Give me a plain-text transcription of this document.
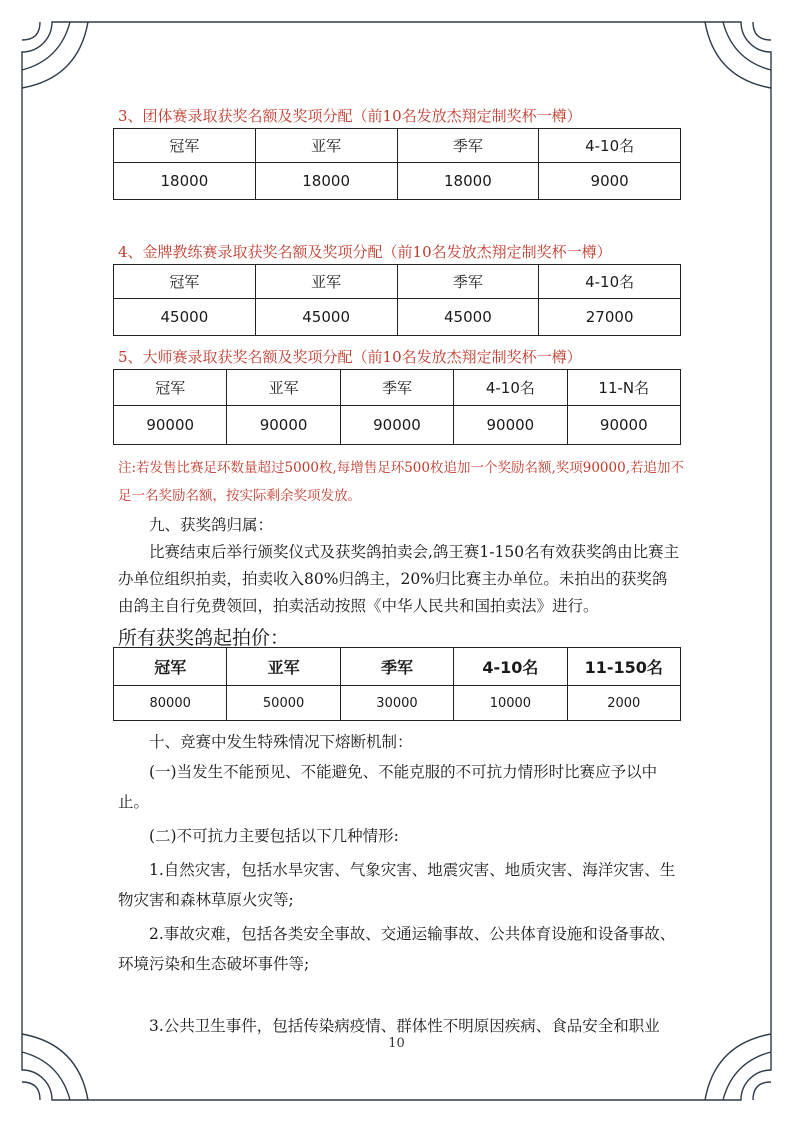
3、团体赛录取获奖名额及奖项分配（前10名发放杰翔定制奖杯一樽）
冠军	亚军	季军	4-10名
18000	18000	18000	9000
4、金牌教练赛录取获奖名额及奖项分配（前10名发放杰翔定制奖杯一樽）
冠军	亚军	季军	4-10名
45000	45000	45000	27000
5、大师赛录取获奖名额及奖项分配（前10名发放杰翔定制奖杯一樽）
冠军	亚军	季军	4-10名	11-N名
90000	90000	90000	90000	90000
注:若发售比赛足环数量超过5000枚,每增售足环500枚追加一个奖励名额,奖项90000,若追加不足一名奖励名额，按实际剩余奖项发放。
九、获奖鸽归属：
比赛结束后举行颁奖仪式及获奖鸽拍卖会,鸽王赛1-150名有效获奖鸽由比赛主办单位组织拍卖，拍卖收入80%归鸽主，20%归比赛主办单位。未拍出的获奖鸽由鸽主自行免费领回，拍卖活动按照《中华人民共和国拍卖法》进行。
所有获奖鸽起拍价：
冠军	亚军	季军	4-10名	11-150名
80000	50000	30000	10000	2000
十、竞赛中发生特殊情况下熔断机制：
(一)当发生不能预见、不能避免、不能克服的不可抗力情形时比赛应予以中止。
(二)不可抗力主要包括以下几种情形:
1.自然灾害，包括水旱灾害、气象灾害、地震灾害、地质灾害、海洋灾害、生物灾害和森林草原火灾等;
2.事故灾难，包括各类安全事故、交通运输事故、公共体育设施和设备事故、环境污染和生态破坏事件等;
3.公共卫生事件，包括传染病疫情、群体性不明原因疾病、食品安全和职业
10
